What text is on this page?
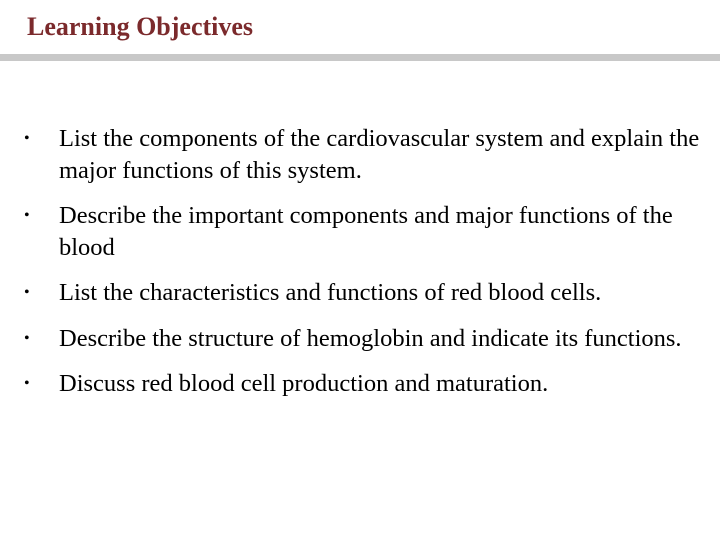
Learning Objectives
• List the components of the cardiovascular system and explain the major functions of this system.
• Describe the important components and major functions of the blood
• List the characteristics and functions of red blood cells.
• Describe the structure of hemoglobin and indicate its functions.
• Discuss red blood cell production and maturation.
